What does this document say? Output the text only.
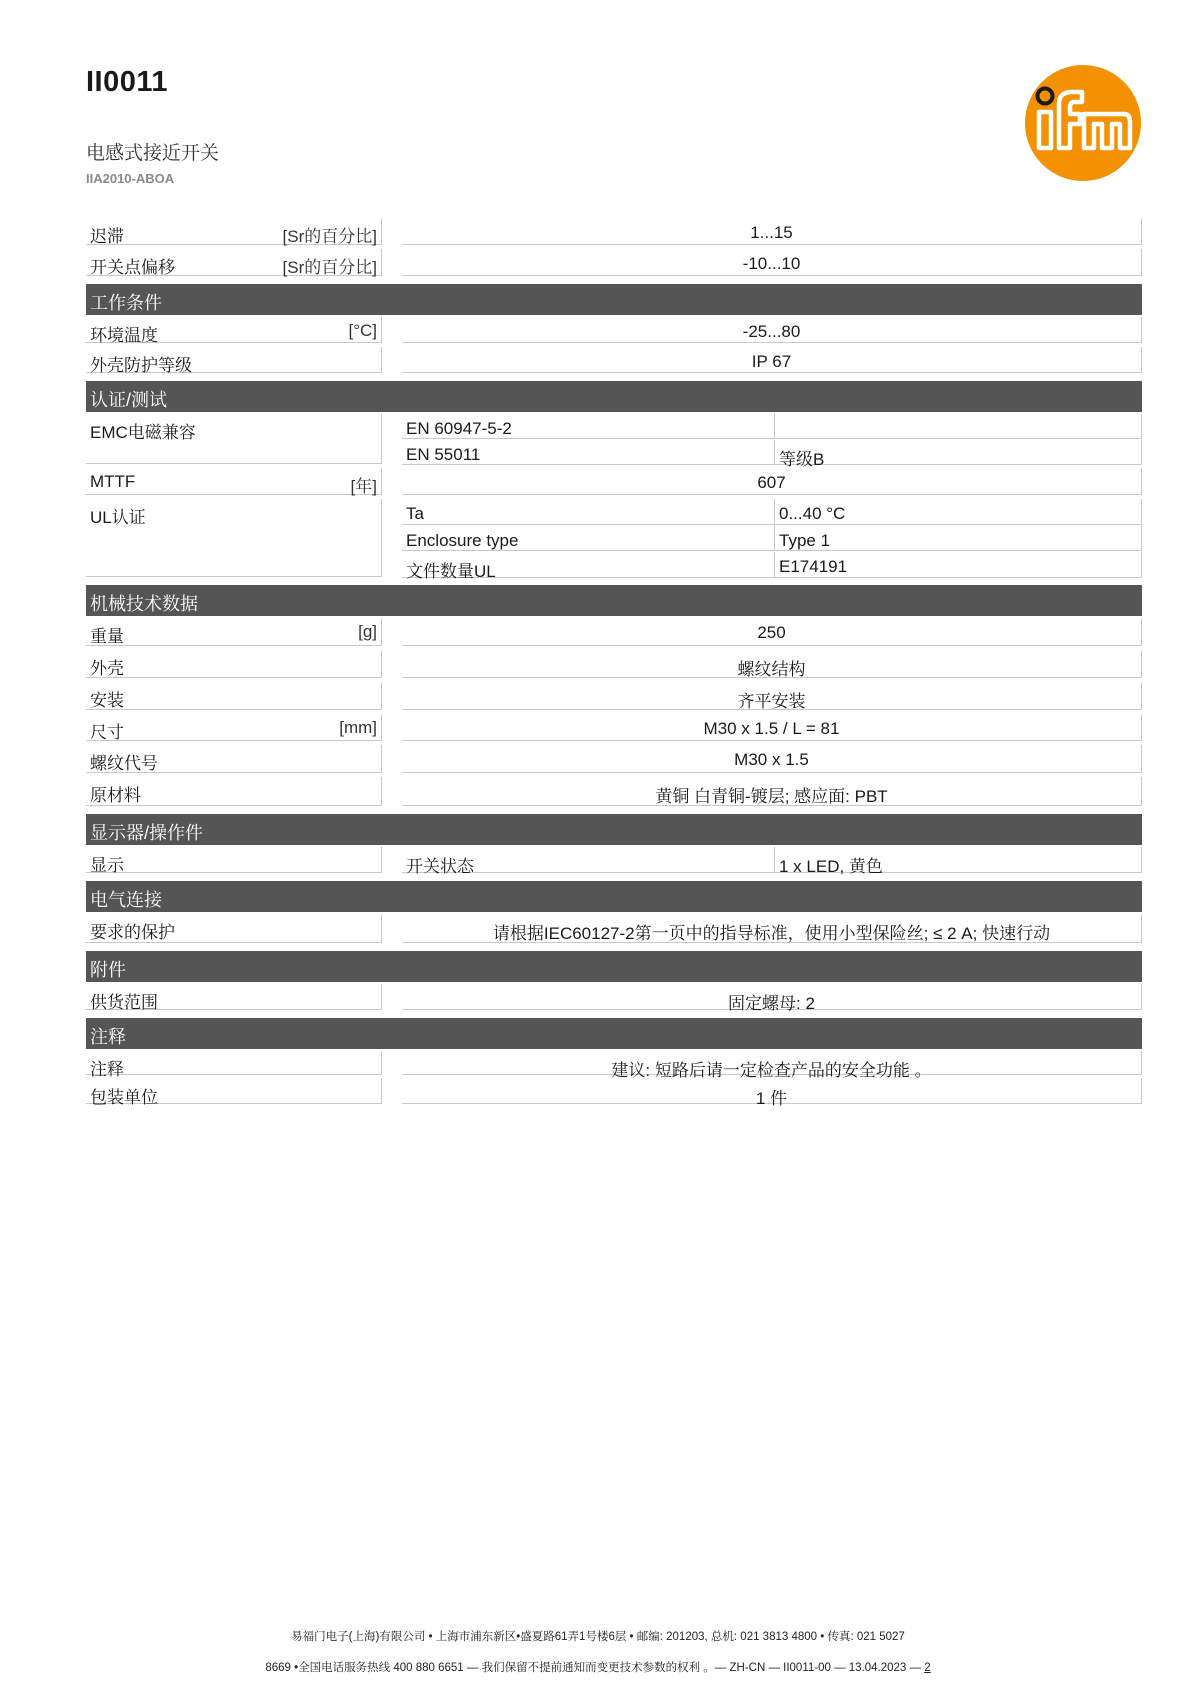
II0011
电感式接近开关
IIA2010-ABOA
迟滞	[Sr的百分比]	1...15
开关点偏移	[Sr的百分比]	-10...10
工作条件
环境温度	[°C]	-25...80
外壳防护等级	IP 67
认证/测试
EMC电磁兼容	EN 60947-5-2
EN 55011	等级B
MTTF	[年]	607
UL认证	Ta	0...40 °C
Enclosure type	Type 1
文件数量UL	E174191
机械技术数据
重量	[g]	250
外壳	螺纹结构
安装	齐平安装
尺寸	[mm]	M30 x 1.5 / L = 81
螺纹代号	M30 x 1.5
原材料	黄铜 白青铜-镀层; 感应面: PBT
显示器/操作件
显示	开关状态	1 x LED, 黄色
电气连接
要求的保护	请根据IEC60127-2第一页中的指导标准，使用小型保险丝; ≤ 2 A; 快速行动
附件
供货范围	固定螺母: 2
注释
注释	建议: 短路后请一定检查产品的安全功能 。
包装单位	1 件
易福门电子(上海)有限公司 • 上海市浦东新区•盛夏路61弄1号楼6层 • 邮编: 201203, 总机: 021 3813 4800 • 传真: 021 5027
8669 •全国电话服务热线 400 880 6651 — 我们保留不提前通知而变更技术参数的权利 。— ZH-CN — II0011-00 — 13.04.2023 — 2
